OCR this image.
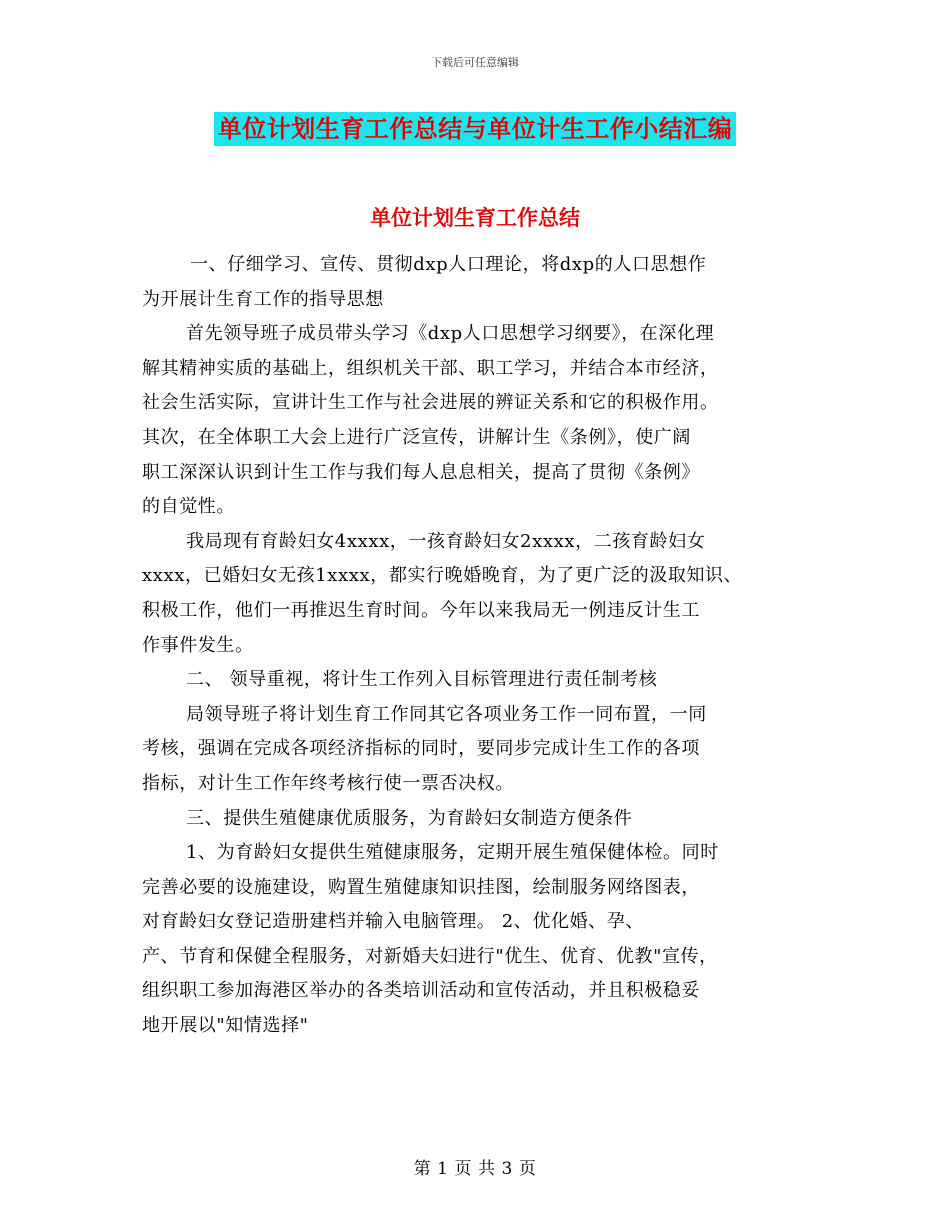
下载后可任意编辑
单位计划生育工作总结与单位计生工作小结汇编
单位计划生育工作总结
一、仔细学习、宣传、贯彻dxp人口理论，将dxp的人口思想作
为开展计生育工作的指导思想
首先领导班子成员带头学习《dxp人口思想学习纲要》，在深化理
解其精神实质的基础上，组织机关干部、职工学习，并结合本市经济，
社会生活实际，宣讲计生工作与社会进展的辨证关系和它的积极作用。
其次，在全体职工大会上进行广泛宣传，讲解计生《条例》，使广阔
职工深深认识到计生工作与我们每人息息相关，提高了贯彻《条例》
的自觉性。
我局现有育龄妇女4xxxx，一孩育龄妇女2xxxx，二孩育龄妇女
xxxx，已婚妇女无孩1xxxx，都实行晚婚晚育，为了更广泛的汲取知识、
积极工作，他们一再推迟生育时间。今年以来我局无一例违反计生工
作事件发生。
二、 领导重视，将计生工作列入目标管理进行责任制考核
局领导班子将计划生育工作同其它各项业务工作一同布置，一同
考核，强调在完成各项经济指标的同时，要同步完成计生工作的各项
指标，对计生工作年终考核行使一票否决权。
三、提供生殖健康优质服务，为育龄妇女制造方便条件
1、为育龄妇女提供生殖健康服务，定期开展生殖保健体检。同时
完善必要的设施建设，购置生殖健康知识挂图，绘制服务网络图表，
对育龄妇女登记造册建档并输入电脑管理。 2、优化婚、孕、
产、节育和保健全程服务，对新婚夫妇进行"优生、优育、优教"宣传，
组织职工参加海港区举办的各类培训活动和宣传活动，并且积极稳妥
地开展以"知情选择"
第 1 页 共 3 页
